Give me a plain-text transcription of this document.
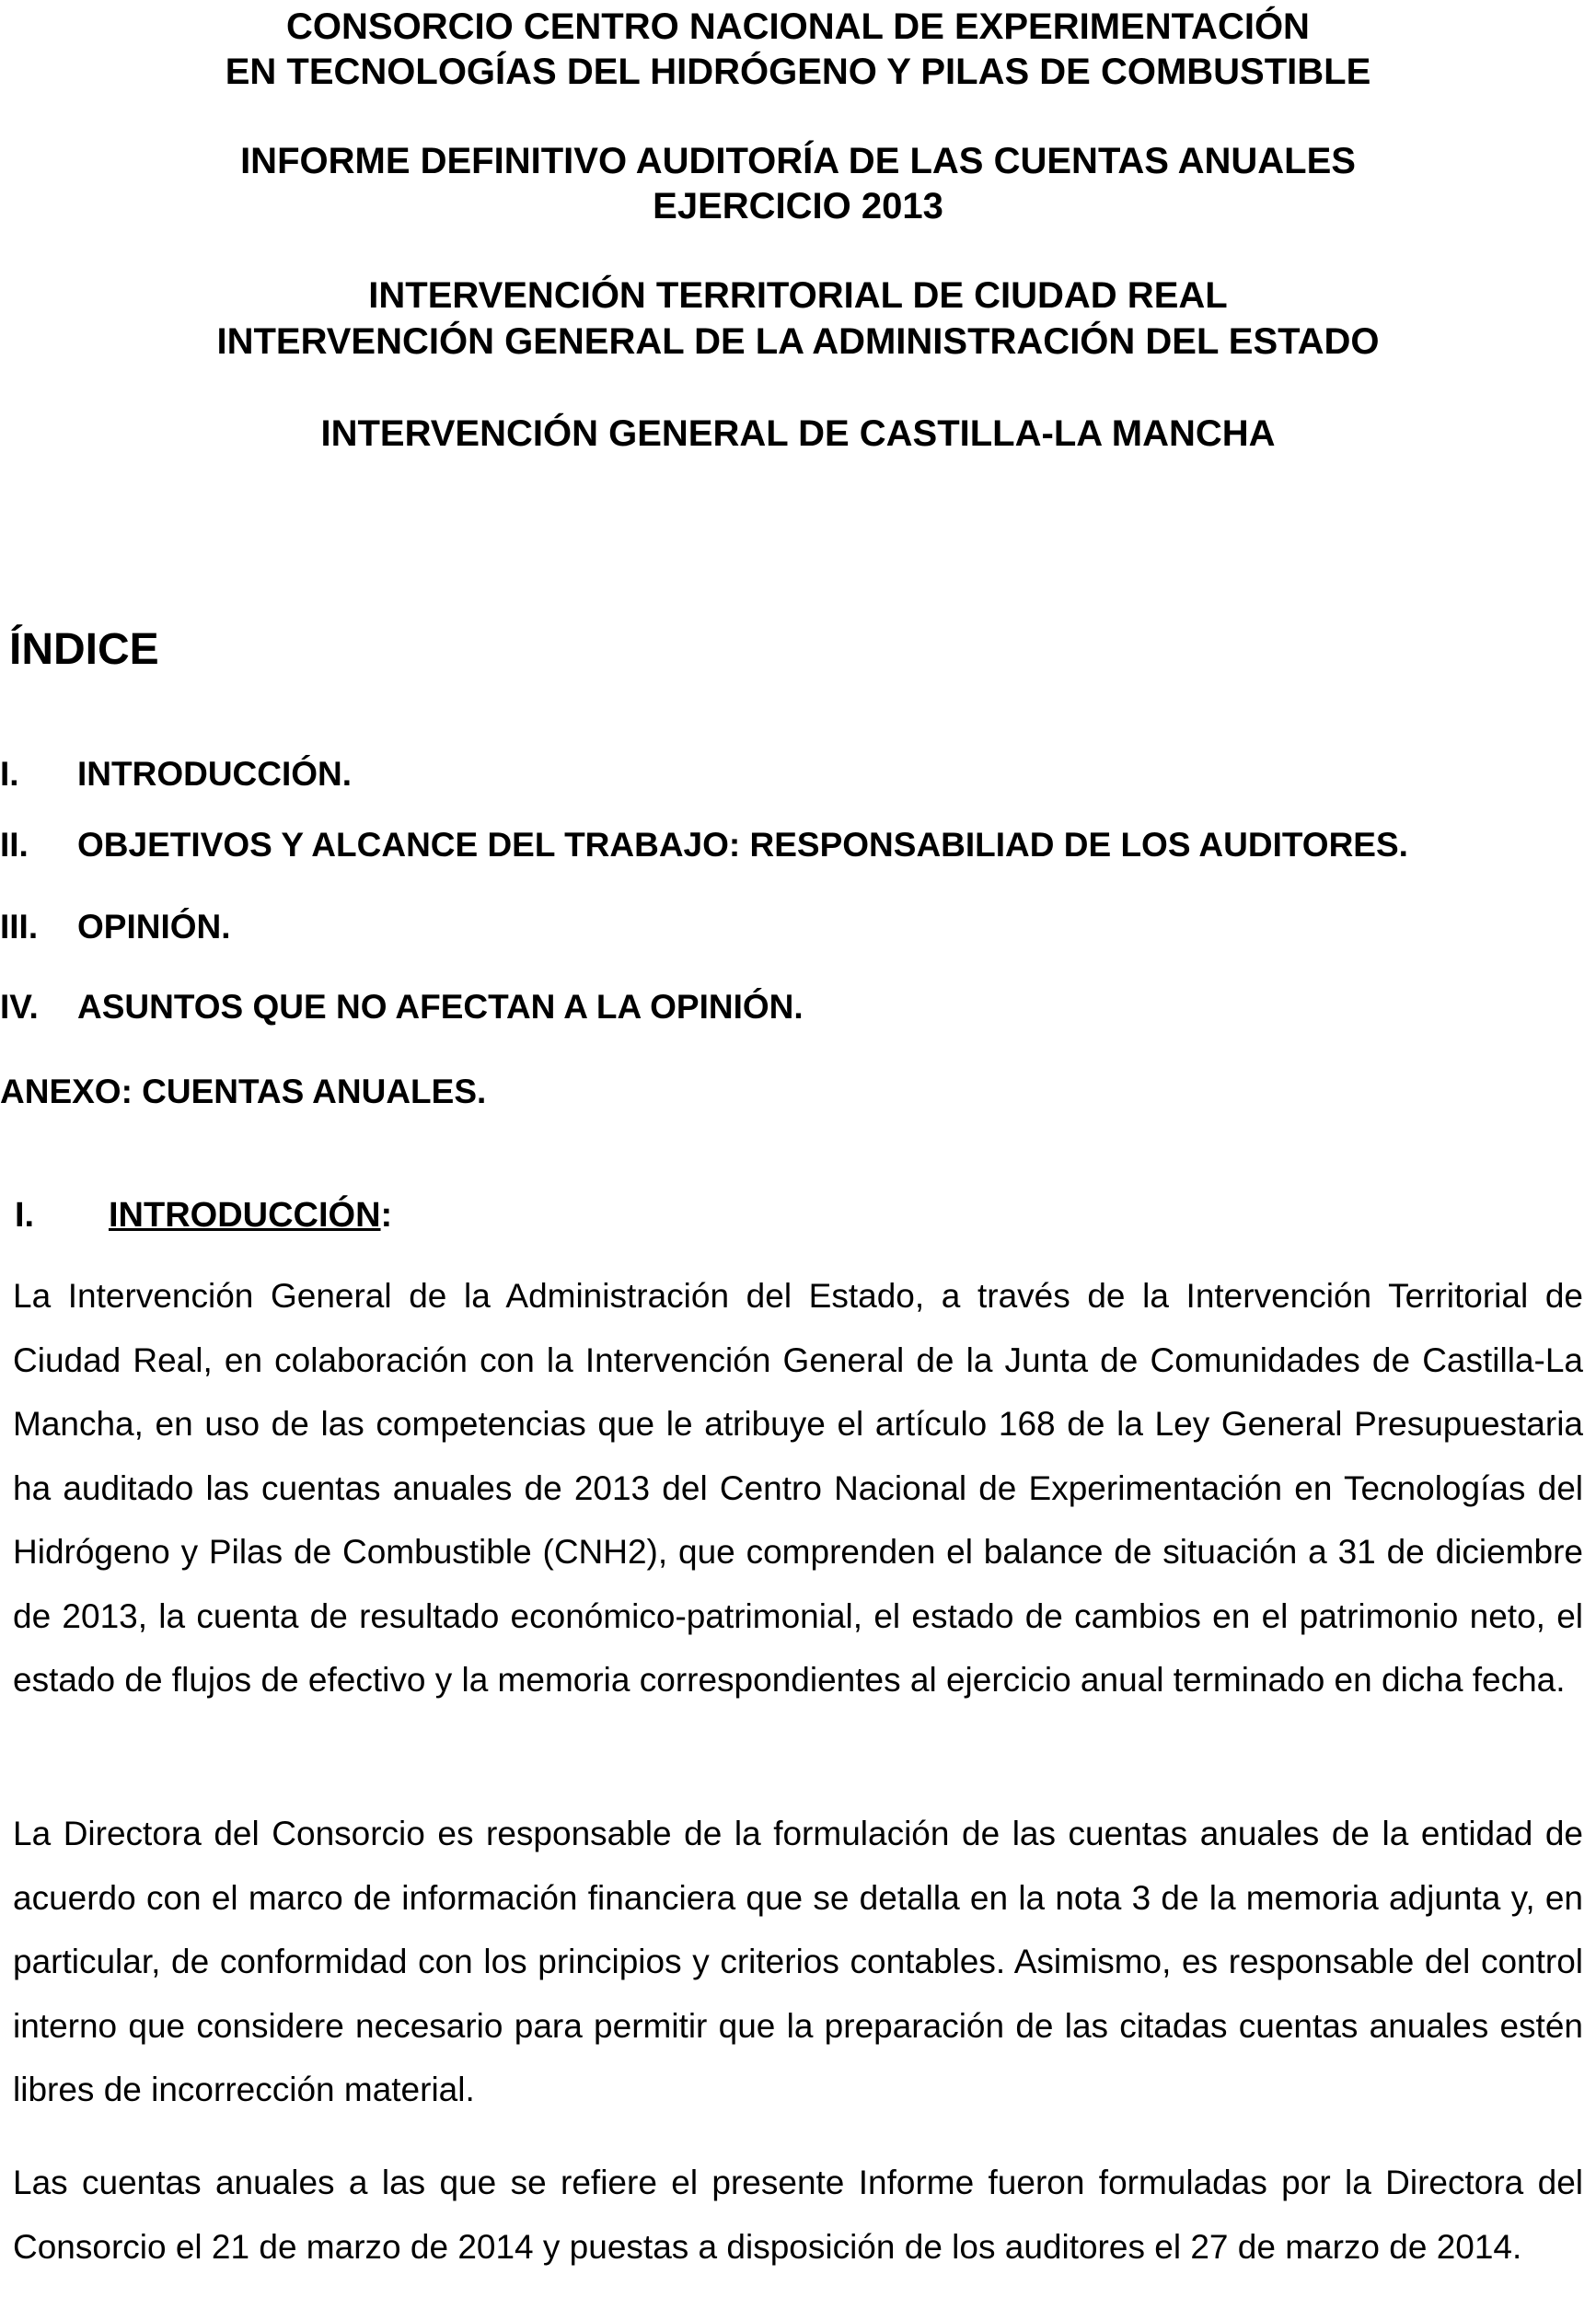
CONSORCIO CENTRO NACIONAL DE EXPERIMENTACIÓN
EN TECNOLOGÍAS DEL HIDRÓGENO Y PILAS DE COMBUSTIBLE
INFORME DEFINITIVO AUDITORÍA DE LAS CUENTAS ANUALES
EJERCICIO 2013
INTERVENCIÓN TERRITORIAL DE CIUDAD REAL
INTERVENCIÓN GENERAL DE LA ADMINISTRACIÓN DEL ESTADO
INTERVENCIÓN GENERAL DE CASTILLA-LA MANCHA
ÍNDICE
I. INTRODUCCIÓN.
II. OBJETIVOS Y ALCANCE DEL TRABAJO: RESPONSABILIAD DE LOS AUDITORES.
III. OPINIÓN.
IV. ASUNTOS QUE NO AFECTAN A LA OPINIÓN.
ANEXO: CUENTAS ANUALES.
I. INTRODUCCIÓN:
La Intervención General de la Administración del Estado, a través de la Intervención Territorial de Ciudad Real, en colaboración con la Intervención General de la Junta de Comunidades de Castilla-La Mancha, en uso de las competencias que le atribuye el artículo 168 de la Ley General Presupuestaria ha auditado las cuentas anuales de 2013 del Centro Nacional de Experimentación en Tecnologías del Hidrógeno y Pilas de Combustible (CNH2), que comprenden el balance de situación a 31 de diciembre de 2013, la cuenta de resultado económico-patrimonial, el estado de cambios en el patrimonio neto, el estado de flujos de efectivo y la memoria correspondientes al ejercicio anual terminado en dicha fecha.
La Directora del Consorcio es responsable de la formulación de las cuentas anuales de la entidad de acuerdo con el marco de información financiera que se detalla en la nota 3 de la memoria adjunta y, en particular, de conformidad con los principios y criterios contables. Asimismo, es responsable del control interno que considere necesario para permitir que la preparación de las citadas cuentas anuales estén libres de incorrección material.
Las cuentas anuales a las que se refiere el presente Informe fueron formuladas por la Directora del Consorcio el 21 de marzo de 2014 y puestas a disposición de los auditores el 27 de marzo de 2014.
